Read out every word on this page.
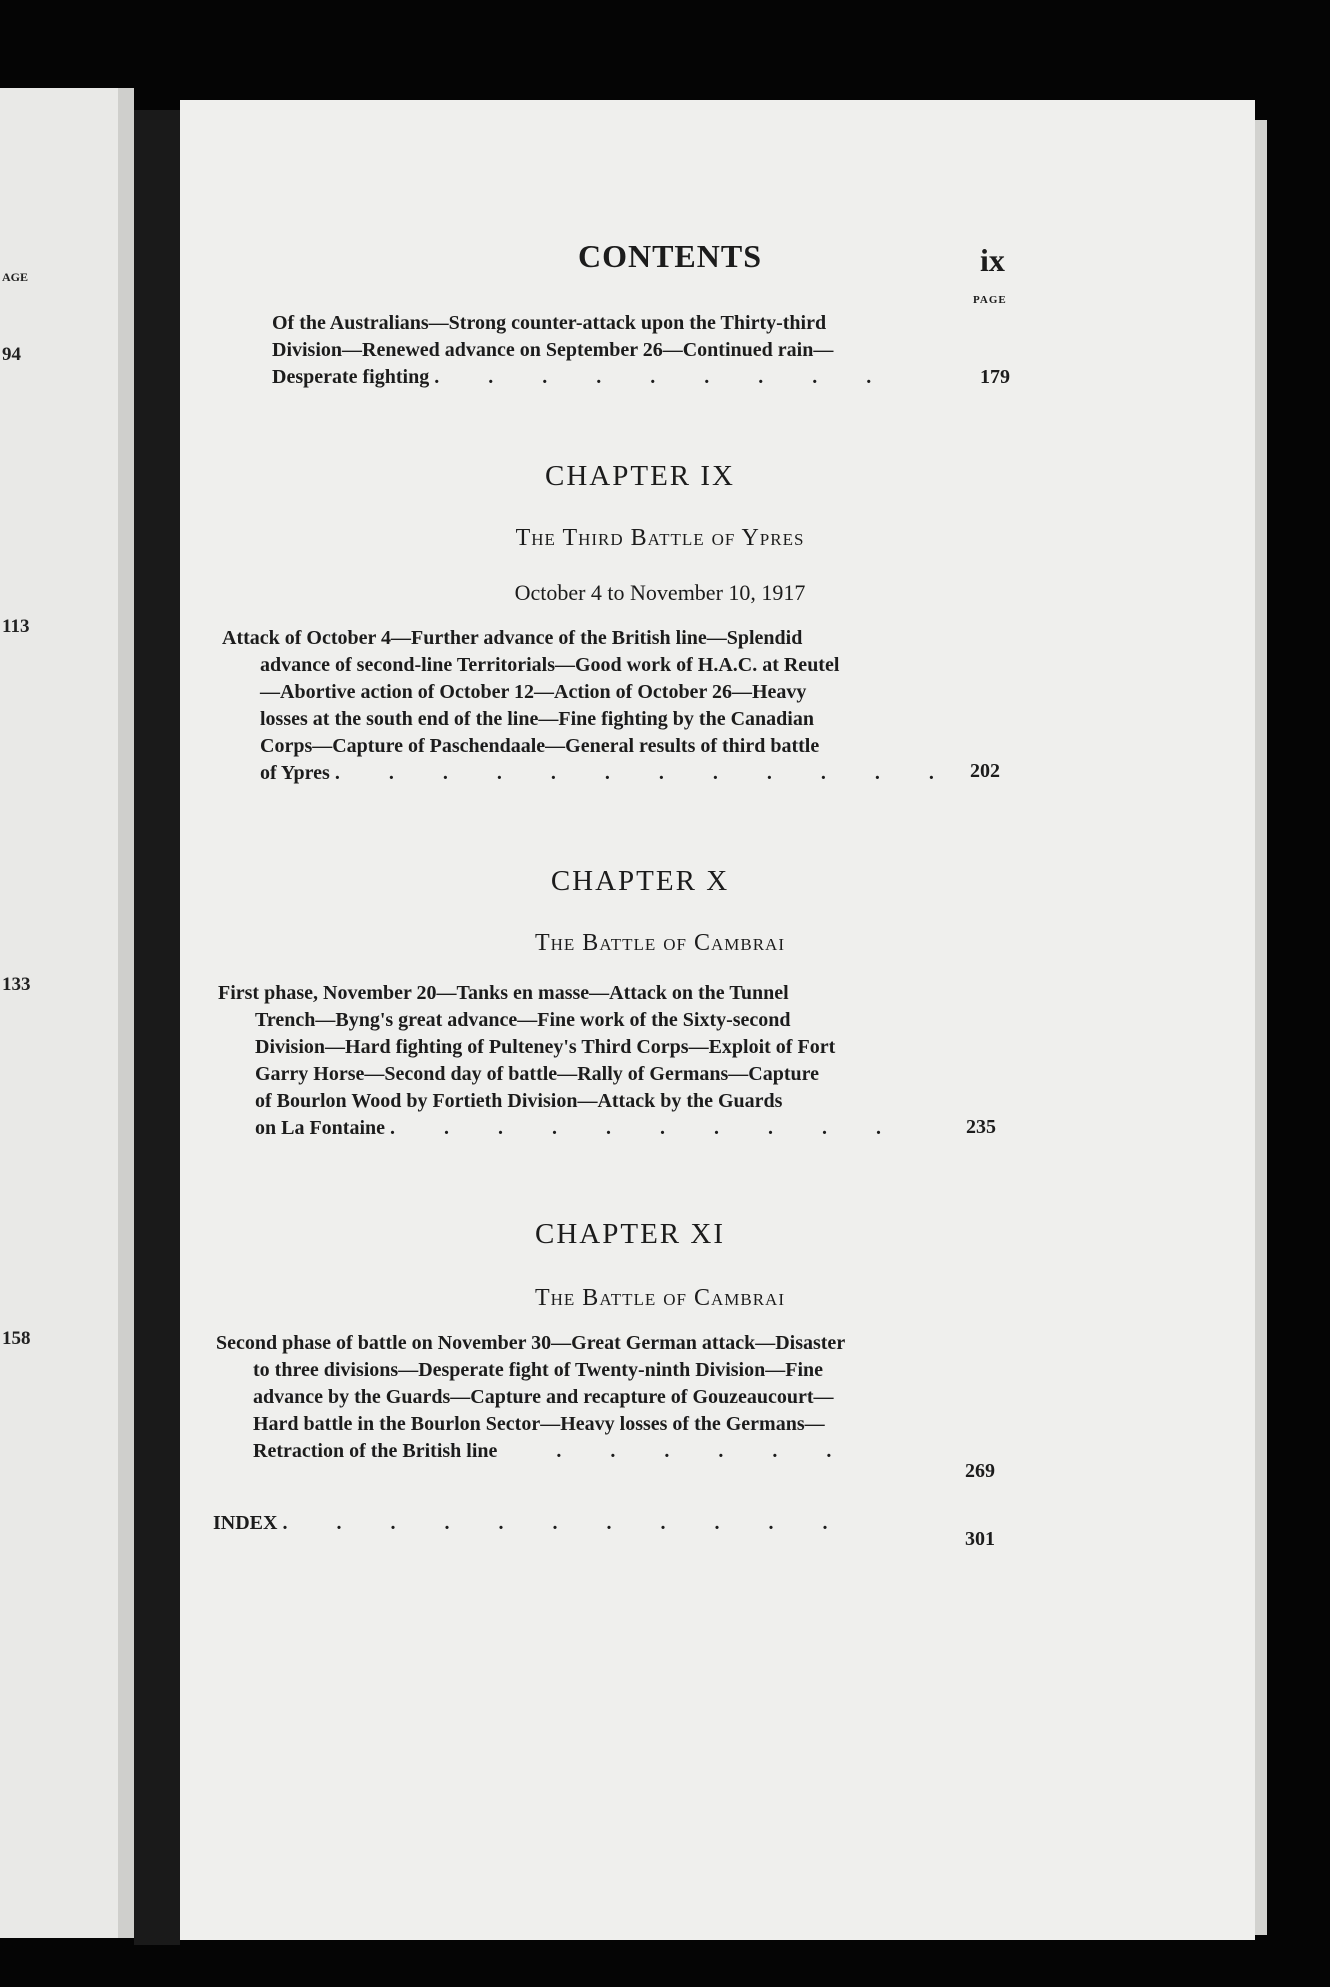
AGE
94
113
133
158
CONTENTS	ix
PAGE
Of the Australians—Strong counter-attack upon the Thirty-third
Division—Renewed advance on September 26—Continued rain—
Desperate fighting . . . . . . . . .	179
CHAPTER IX
The Third Battle of Ypres
October 4 to November 10, 1917
Attack of October 4—Further advance of the British line—Splendid
advance of second-line Territorials—Good work of H.A.C. at Reutel
—Abortive action of October 12—Action of October 26—Heavy
losses at the south end of the line—Fine fighting by the Canadian
Corps—Capture of Paschendaale—General results of third battle
of Ypres . . . . . . . . . . . . 202
CHAPTER X
The Battle of Cambrai
First phase, November 20—Tanks en masse—Attack on the Tunnel
Trench—Byng's great advance—Fine work of the Sixty-second
Division—Hard fighting of Pulteney's Third Corps—Exploit of Fort
Garry Horse—Second day of battle—Rally of Germans—Capture
of Bourlon Wood by Fortieth Division—Attack by the Guards
on La Fontaine . . . . . . . . . .	235
CHAPTER XI
The Battle of Cambrai
Second phase of battle on November 30—Great German attack—Disaster
to three divisions—Desperate fight of Twenty-ninth Division—Fine
advance by the Guards—Capture and recapture of Gouzeaucourt—
Hard battle in the Bourlon Sector—Heavy losses of the Germans—
Retraction of the British line   . . . . . .
269
INDEX . . . . . . . . . . .
301
